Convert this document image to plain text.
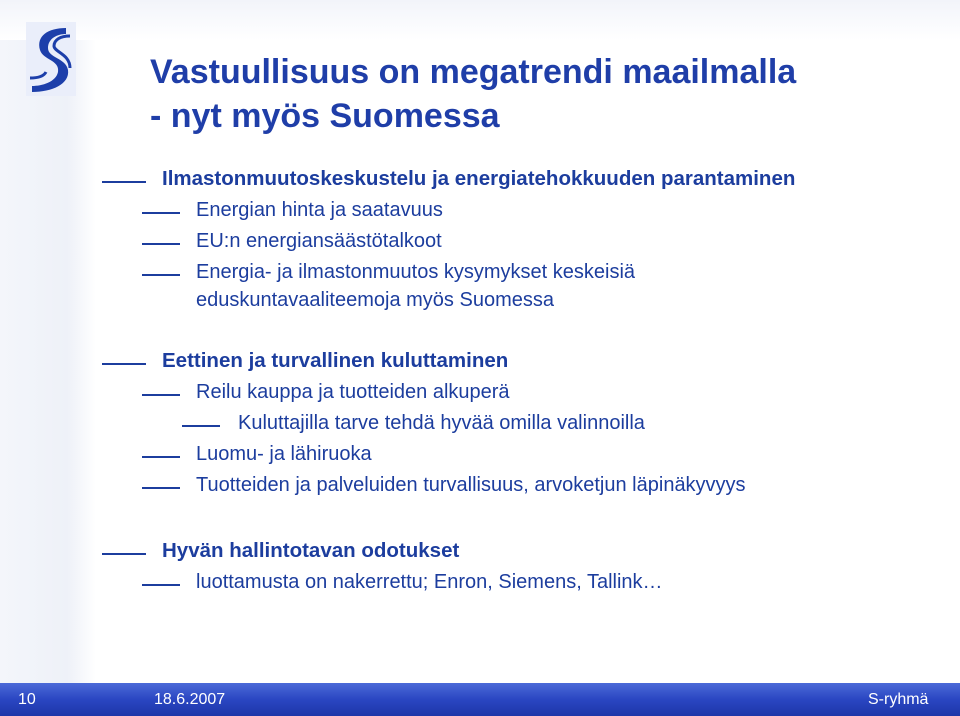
Vastuullisuus on megatrendi maailmalla
- nyt myös Suomessa
Ilmastonmuutoskeskustelu ja energiatehokkuuden parantaminen
Energian hinta ja saatavuus
EU:n energiansäästötalkoot
Energia- ja ilmastonmuutos kysymykset keskeisiä
eduskuntavaaliteemoja myös Suomessa
Eettinen ja turvallinen kuluttaminen
Reilu kauppa ja tuotteiden alkuperä
Kuluttajilla tarve tehdä hyvää omilla valinnoilla
Luomu- ja lähiruoka
Tuotteiden ja palveluiden turvallisuus, arvoketjun läpinäkyvyys
Hyvän hallintotavan odotukset
luottamusta on nakerrettu; Enron, Siemens, Tallink…
10	18.6.2007	S-ryhmä
